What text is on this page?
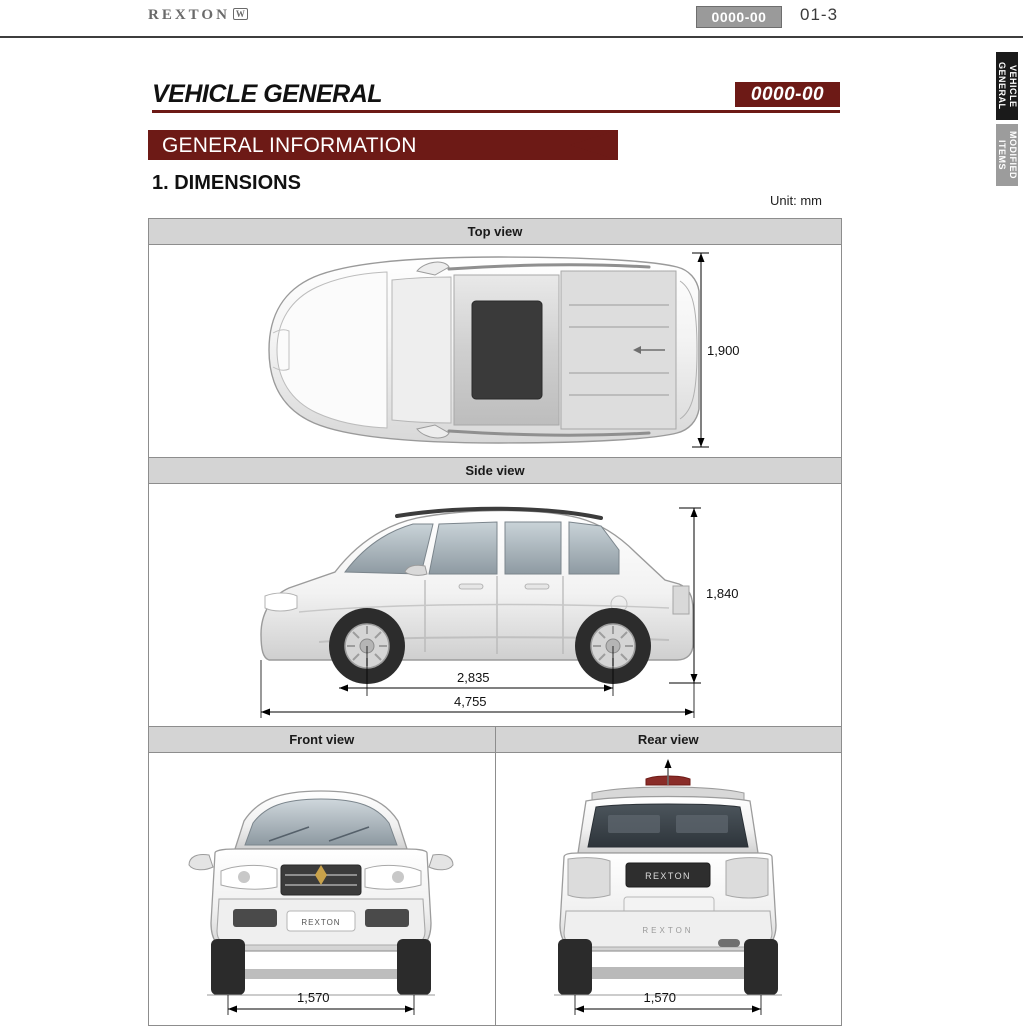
REXTON W	0000-00	01‑3
VEHICLE GENERAL
MODIFIED ITEMS
VEHICLE GENERAL	0000-00
GENERAL INFORMATION
1. DIMENSIONS
Unit: mm
Top view
1,900
Side view
1,840
2,835
4,755
Front view	Rear view
REXTON
1,570
REXTON
REXTON
1,570
